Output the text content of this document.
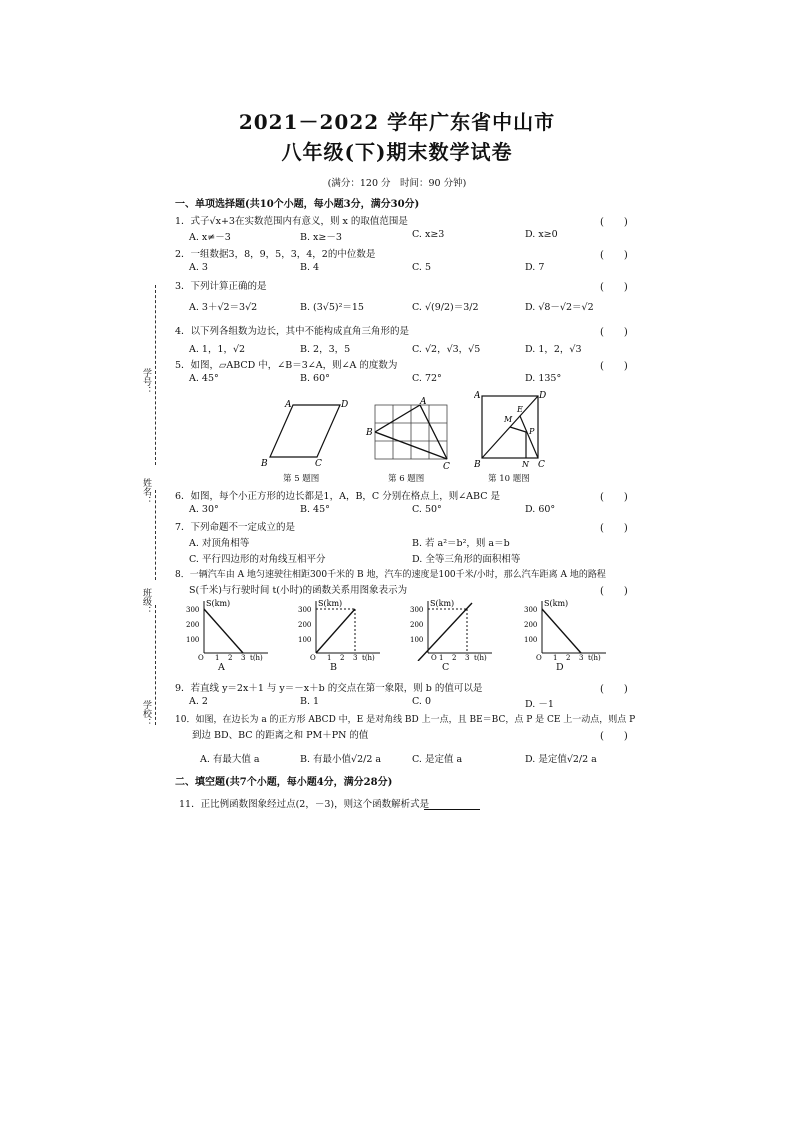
2021－2022 学年广东省中山市
八年级(下)期末数学试卷
(满分：120 分　时间：90 分钟)
学号：
姓名：
班级：
学校：
一、单项选择题(共10个小题，每小题3分，满分30分)
1．式子√x+3在实数范围内有意义，则 x 的取值范围是	(　　)
A. x≠－3	B. x≥－3	C. x≥3	D. x≥0
2．一组数据3，8，9，5，3，4，2的中位数是	(　　)
A. 3	B. 4	C. 5	D. 7
3．下列计算正确的是	(　　)
A. 3＋√2＝3√2	B. (3√5)²＝15	C. √(9/2)＝3/2	D. √8－√2＝√2
4．以下列各组数为边长，其中不能构成直角三角形的是	(　　)
A. 1，1，√2	B. 2，3，5	C. √2，√3，√5	D. 1，2，√3
5．如图，▱ABCD 中，∠B＝3∠A，则∠A 的度数为	(　　)
A. 45°	B. 60°	C. 72°	D. 135°
A	D
B	C
第 5 题图
A
B
C
第 6 题图
A	D
B	C
E
M
P
N
第 10 题图
6．如图，每个小正方形的边长都是1，A，B，C 分别在格点上，则∠ABC 是	(　　)
A. 30°	B. 45°	C. 50°	D. 60°
7．下列命题不一定成立的是	(　　)
A. 对顶角相等	B. 若 a²＝b²，则 a＝b
C. 平行四边形的对角线互相平分	D. 全等三角形的面积相等
8．一辆汽车由 A 地匀速驶往相距300千米的 B 地，汽车的速度是100千米/小时，那么汽车距离 A 地的路程
S(千米)与行驶时间 t(小时)的函数关系用图象表示为	(　　)
S(km)
300
200
100
O 1 2 3 t(h)
A
S(km)
300
200
100
O 1 2 3 t(h)
B
S(km)
300
200
100
O 1 2 3 t(h)
C
S(km)
300
200
100
O 1 2 3 t(h)
D
9．若直线 y＝2x＋1 与 y＝－x＋b 的交点在第一象限，则 b 的值可以是	(　　)
A. 2	B. 1	C. 0	D. －1
10．如图，在边长为 a 的正方形 ABCD 中，E 是对角线 BD 上一点，且 BE＝BC，点 P 是 CE 上一动点，则点 P
到边 BD、BC 的距离之和 PM＋PN 的值	(　　)
A. 有最大值 a	B. 有最小值√2/2 a	C. 是定值 a	D. 是定值√2/2 a
二、填空题(共7个小题，每小题4分，满分28分)
11．正比例函数图象经过点(2，－3)，则这个函数解析式是
